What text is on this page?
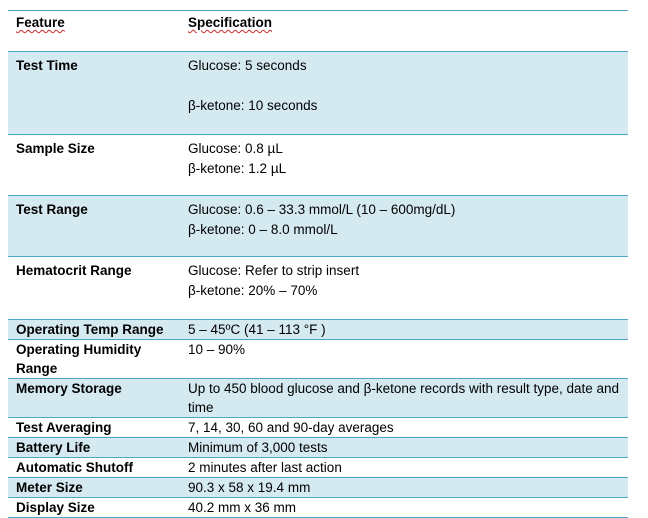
Feature	Specification
Test Time	Glucose: 5 seconds
β-ketone: 10 seconds

Sample Size	Glucose: 0.8 µL
β-ketone: 1.2 µL

Test Range	Glucose: 0.6 – 33.3 mmol/L (10 – 600mg/dL)
β-ketone: 0 – 8.0 mmol/L

Hematocrit Range	Glucose: Refer to strip insert
β-ketone: 20% – 70%

Operating Temp Range	5 – 45ºC (41 – 113 °F )
Operating Humidity Range	10 – 90%
Memory Storage	Up to 450 blood glucose and β-ketone records with result type, date and time
Test Averaging	7, 14, 30, 60 and 90-day averages
Battery Life	Minimum of 3,000 tests
Automatic Shutoff	2 minutes after last action
Meter Size	90.3 x 58 x 19.4 mm
Display Size	40.2 mm x 36 mm
